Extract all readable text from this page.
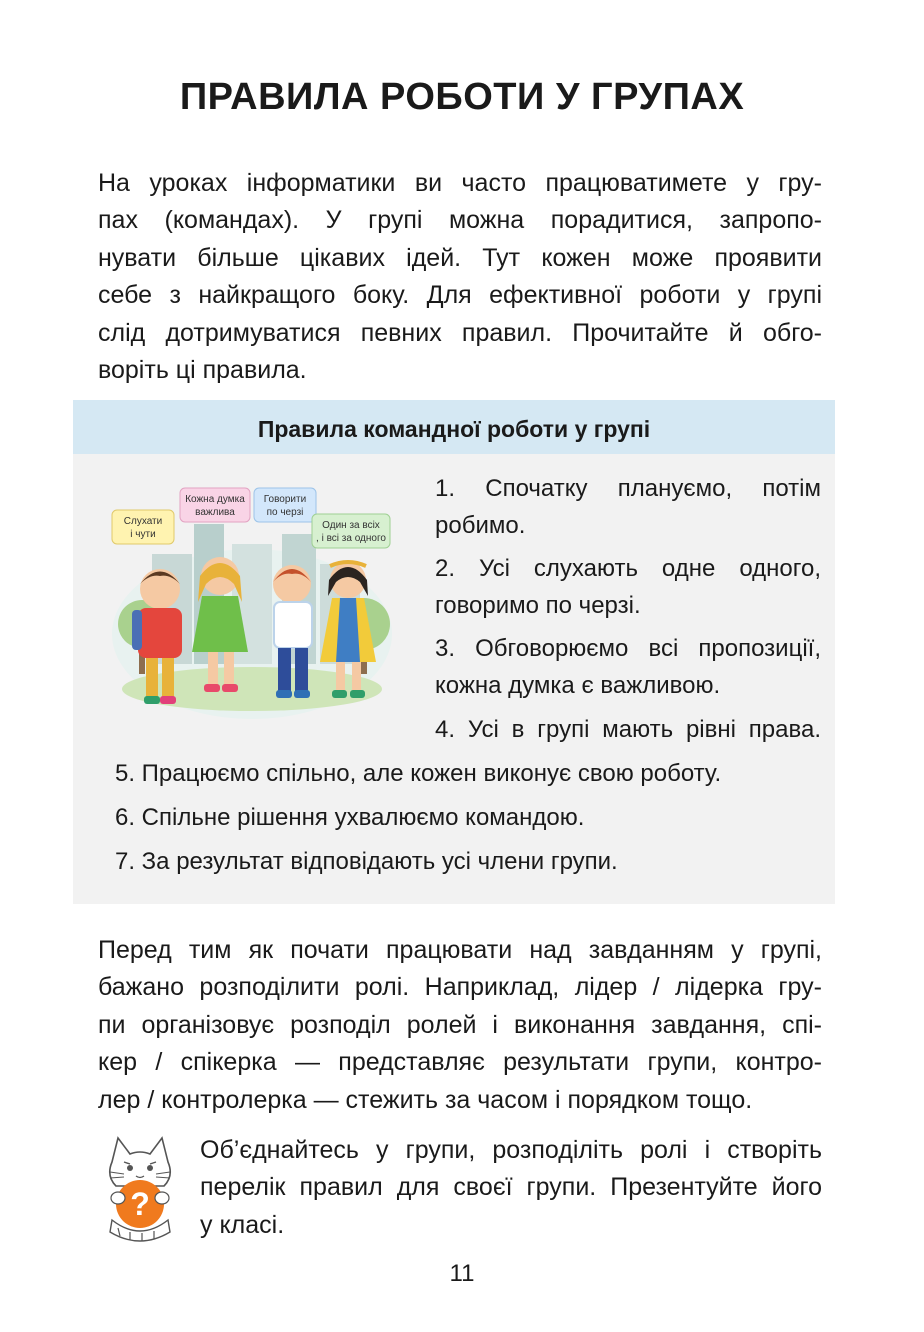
ПРАВИЛА РОБОТИ У ГРУПАХ
На уроках інформатики ви часто працюватимете у гру-
пах (командах). У групі можна порадитися, запропо-
нувати більше цікавих ідей. Тут кожен може проявити
себе з найкращого боку. Для ефективної роботи у групі
слід дотримуватися певних правил. Прочитайте й обго-
воріть ці правила.
Правила командної роботи у групі
Слухати
і чути
Кожна думка
важлива
Говорити
по черзі
Один за всіх
, і всі за одного
1. Спочатку плануємо, потім
робимо.
2. Усі слухають одне одного,
говоримо по черзі.
3. Обговорюємо всі пропозиції,
кожна думка є важливою.
4. Усі в групі мають рівні права.
5. Працюємо спільно, але кожен виконує свою роботу.
6. Спільне рішення ухвалюємо командою.
7. За результат відповідають усі члени групи.
Перед тим як почати працювати над завданням у групі,
бажано розподілити ролі. Наприклад, лідер / лідерка гру-
пи організовує розподіл ролей і виконання завдання, спі-
кер / спікерка — представляє результати групи, контро-
лер / контролерка — стежить за часом і порядком тощо.
?
Об’єднайтесь у групи, розподіліть ролі і створіть
перелік правил для своєї групи. Презентуйте його
у класі.
11
